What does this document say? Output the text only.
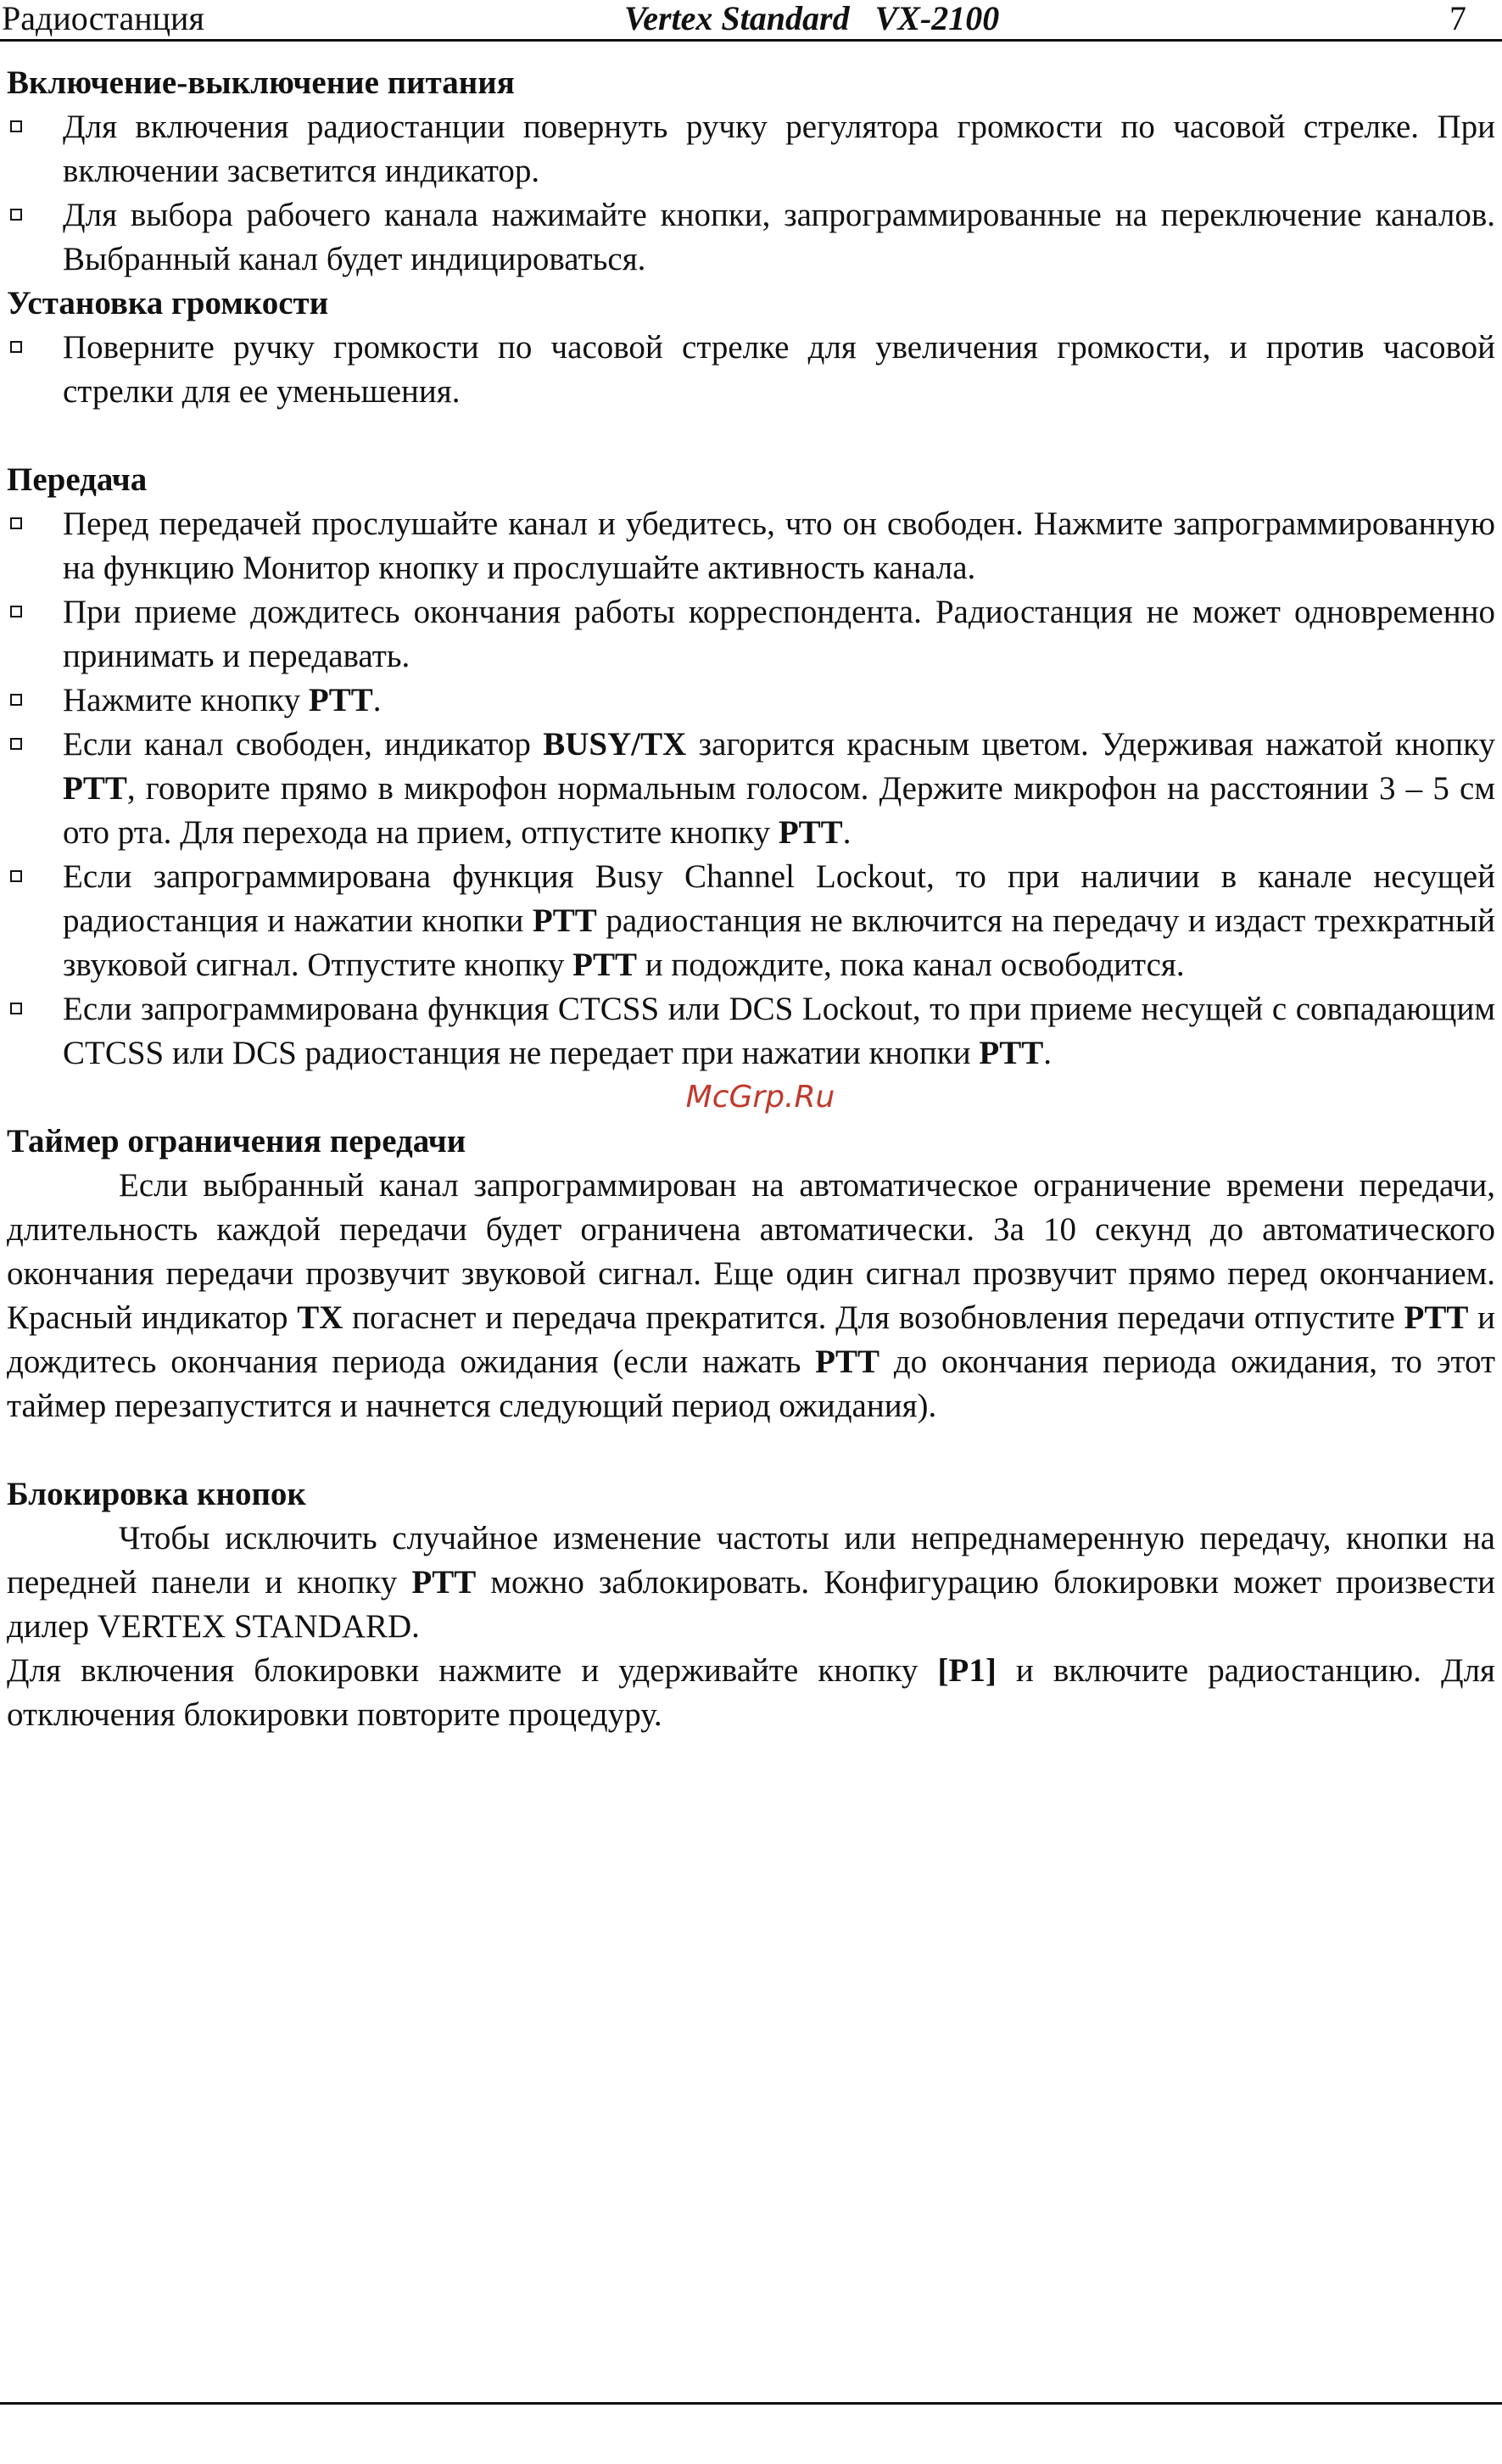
Радиостанция	Vertex Standard   VX-2100	7

Включение-выключение питания

Для включения радиостанции повернуть ручку регулятора громкости по часовой стрелке. При включении засветится индикатор.
Для выбора рабочего канала нажимайте кнопки, запрограммированные на переключение каналов. Выбранный канал будет индицироваться.

Установка громкости

Поверните ручку громкости по часовой стрелке для увеличения громкости, и против часовой стрелки для ее уменьшения.

Передача

Перед передачей прослушайте канал и убедитесь, что он свободен. Нажмите запрограммированную на функцию Монитор кнопку и прослушайте активность канала.
При приеме дождитесь окончания работы корреспондента. Радиостанция не может одновременно принимать и передавать.
Нажмите кнопку PTT.
Если канал свободен, индикатор BUSY/TX загорится красным цветом. Удерживая нажатой кнопку PTT, говорите прямо в микрофон нормальным голосом. Держите микрофон на расстоянии 3 – 5 см ото рта. Для перехода на прием, отпустите кнопку PTT.
Если запрограммирована функция Busy Channel Lockout, то при наличии в канале несущей радиостанция и нажатии кнопки PTT радиостанция не включится на передачу и издаст трехкратный звуковой сигнал. Отпустите кнопку PTT и подождите, пока канал освободится.
Если запрограммирована функция CTCSS или DCS Lockout, то при приеме несущей с совпадающим CTCSS или DCS радиостанция не передает при нажатии кнопки PTT.
McGrp.Ru

Таймер ограничения передачи

Если выбранный канал запрограммирован на автоматическое ограничение времени передачи, длительность каждой передачи будет ограничена автоматически. За 10 секунд до автоматического окончания передачи прозвучит звуковой сигнал. Еще один сигнал прозвучит прямо перед окончанием. Красный индикатор TX погаснет и передача прекратится. Для возобновления передачи отпустите PTT и дождитесь окончания периода ожидания (если нажать PTT до окончания периода ожидания, то этот таймер перезапустится и начнется следующий период ожидания).

Блокировка кнопок

Чтобы исключить случайное изменение частоты или непреднамеренную передачу, кнопки на передней панели и кнопку PTT можно заблокировать. Конфигурацию блокировки может произвести дилер VERTEX STANDARD.

Для включения блокировки нажмите и удерживайте кнопку [P1] и включите радиостанцию. Для отключения блокировки повторите процедуру.
